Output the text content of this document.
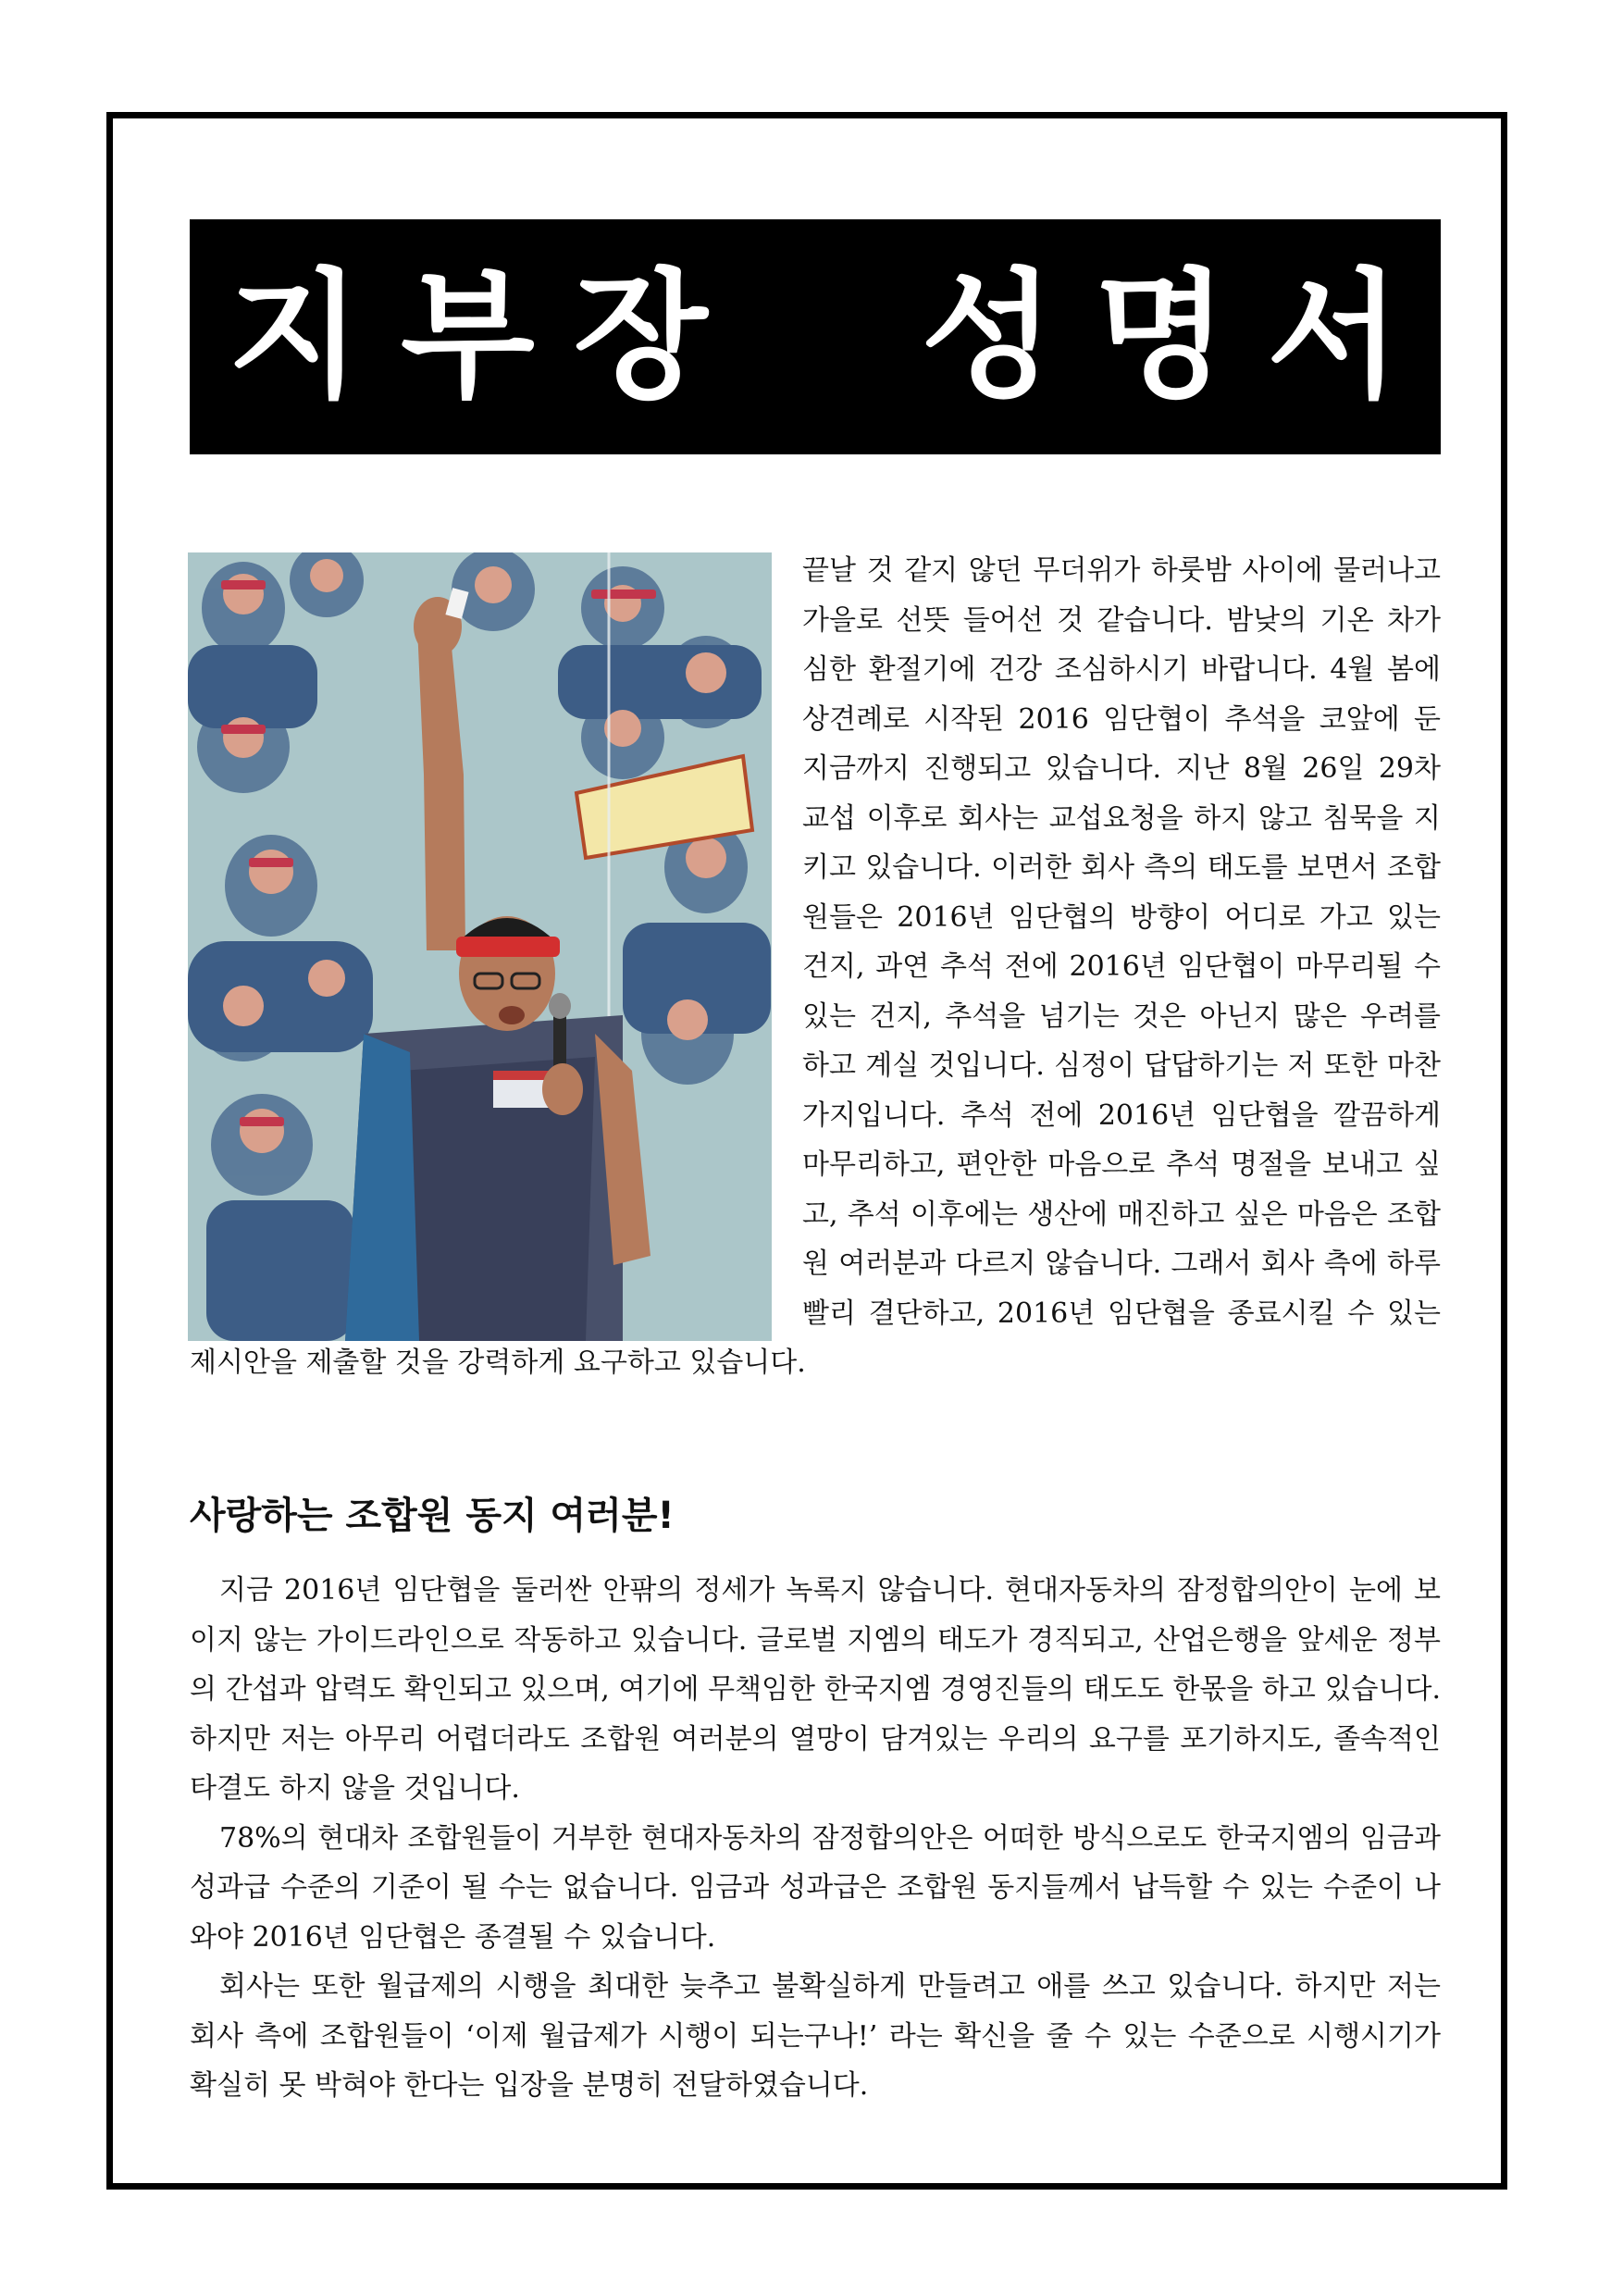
지부장  성명서

끝날 것 같지 않던 무더위가 하룻밤 사이에 물러나고 가을로 선뜻 들어선 것 같습니다. 밤낮의 기온 차가 심한 환절기에 건강 조심하시기 바랍니다. 4월 봄에 상견례로 시작된 2016 임단협이 추석을 코앞에 둔 지금까지 진행되고 있습니다. 지난 8월 26일 29차 교섭 이후로 회사는 교섭요청을 하지 않고 침묵을 지키고 있습니다. 이러한 회사 측의 태도를 보면서 조합원들은 2016년 임단협의 방향이 어디로 가고 있는 건지, 과연 추석 전에 2016년 임단협이 마무리될 수 있는 건지, 추석을 넘기는 것은 아닌지 많은 우려를 하고 계실 것입니다. 심정이 답답하기는 저 또한 마찬가지입니다. 추석 전에 2016년 임단협을 깔끔하게 마무리하고, 편안한 마음으로 추석 명절을 보내고 싶고, 추석 이후에는 생산에 매진하고 싶은 마음은 조합원 여러분과 다르지 않습니다. 그래서 회사 측에 하루빨리 결단하고, 2016년 임단협을 종료시킬 수 있는 제시안을 제출할 것을 강력하게 요구하고 있습니다.

사랑하는 조합원 동지 여러분!

지금 2016년 임단협을 둘러싼 안팎의 정세가 녹록지 않습니다. 현대자동차의 잠정합의안이 눈에 보이지 않는 가이드라인으로 작동하고 있습니다. 글로벌 지엠의 태도가 경직되고, 산업은행을 앞세운 정부의 간섭과 압력도 확인되고 있으며, 여기에 무책임한 한국지엠 경영진들의 태도도 한몫을 하고 있습니다. 하지만 저는 아무리 어렵더라도 조합원 여러분의 열망이 담겨있는 우리의 요구를 포기하지도, 졸속적인 타결도 하지 않을 것입니다.

78%의 현대차 조합원들이 거부한 현대자동차의 잠정합의안은 어떠한 방식으로도 한국지엠의 임금과 성과급 수준의 기준이 될 수는 없습니다. 임금과 성과급은 조합원 동지들께서 납득할 수 있는 수준이 나와야 2016년 임단협은 종결될 수 있습니다.

회사는 또한 월급제의 시행을 최대한 늦추고 불확실하게 만들려고 애를 쓰고 있습니다. 하지만 저는 회사 측에 조합원들이 ‘이제 월급제가 시행이 되는구나!’ 라는 확신을 줄 수 있는 수준으로 시행시기가 확실히 못 박혀야 한다는 입장을 분명히 전달하였습니다.
